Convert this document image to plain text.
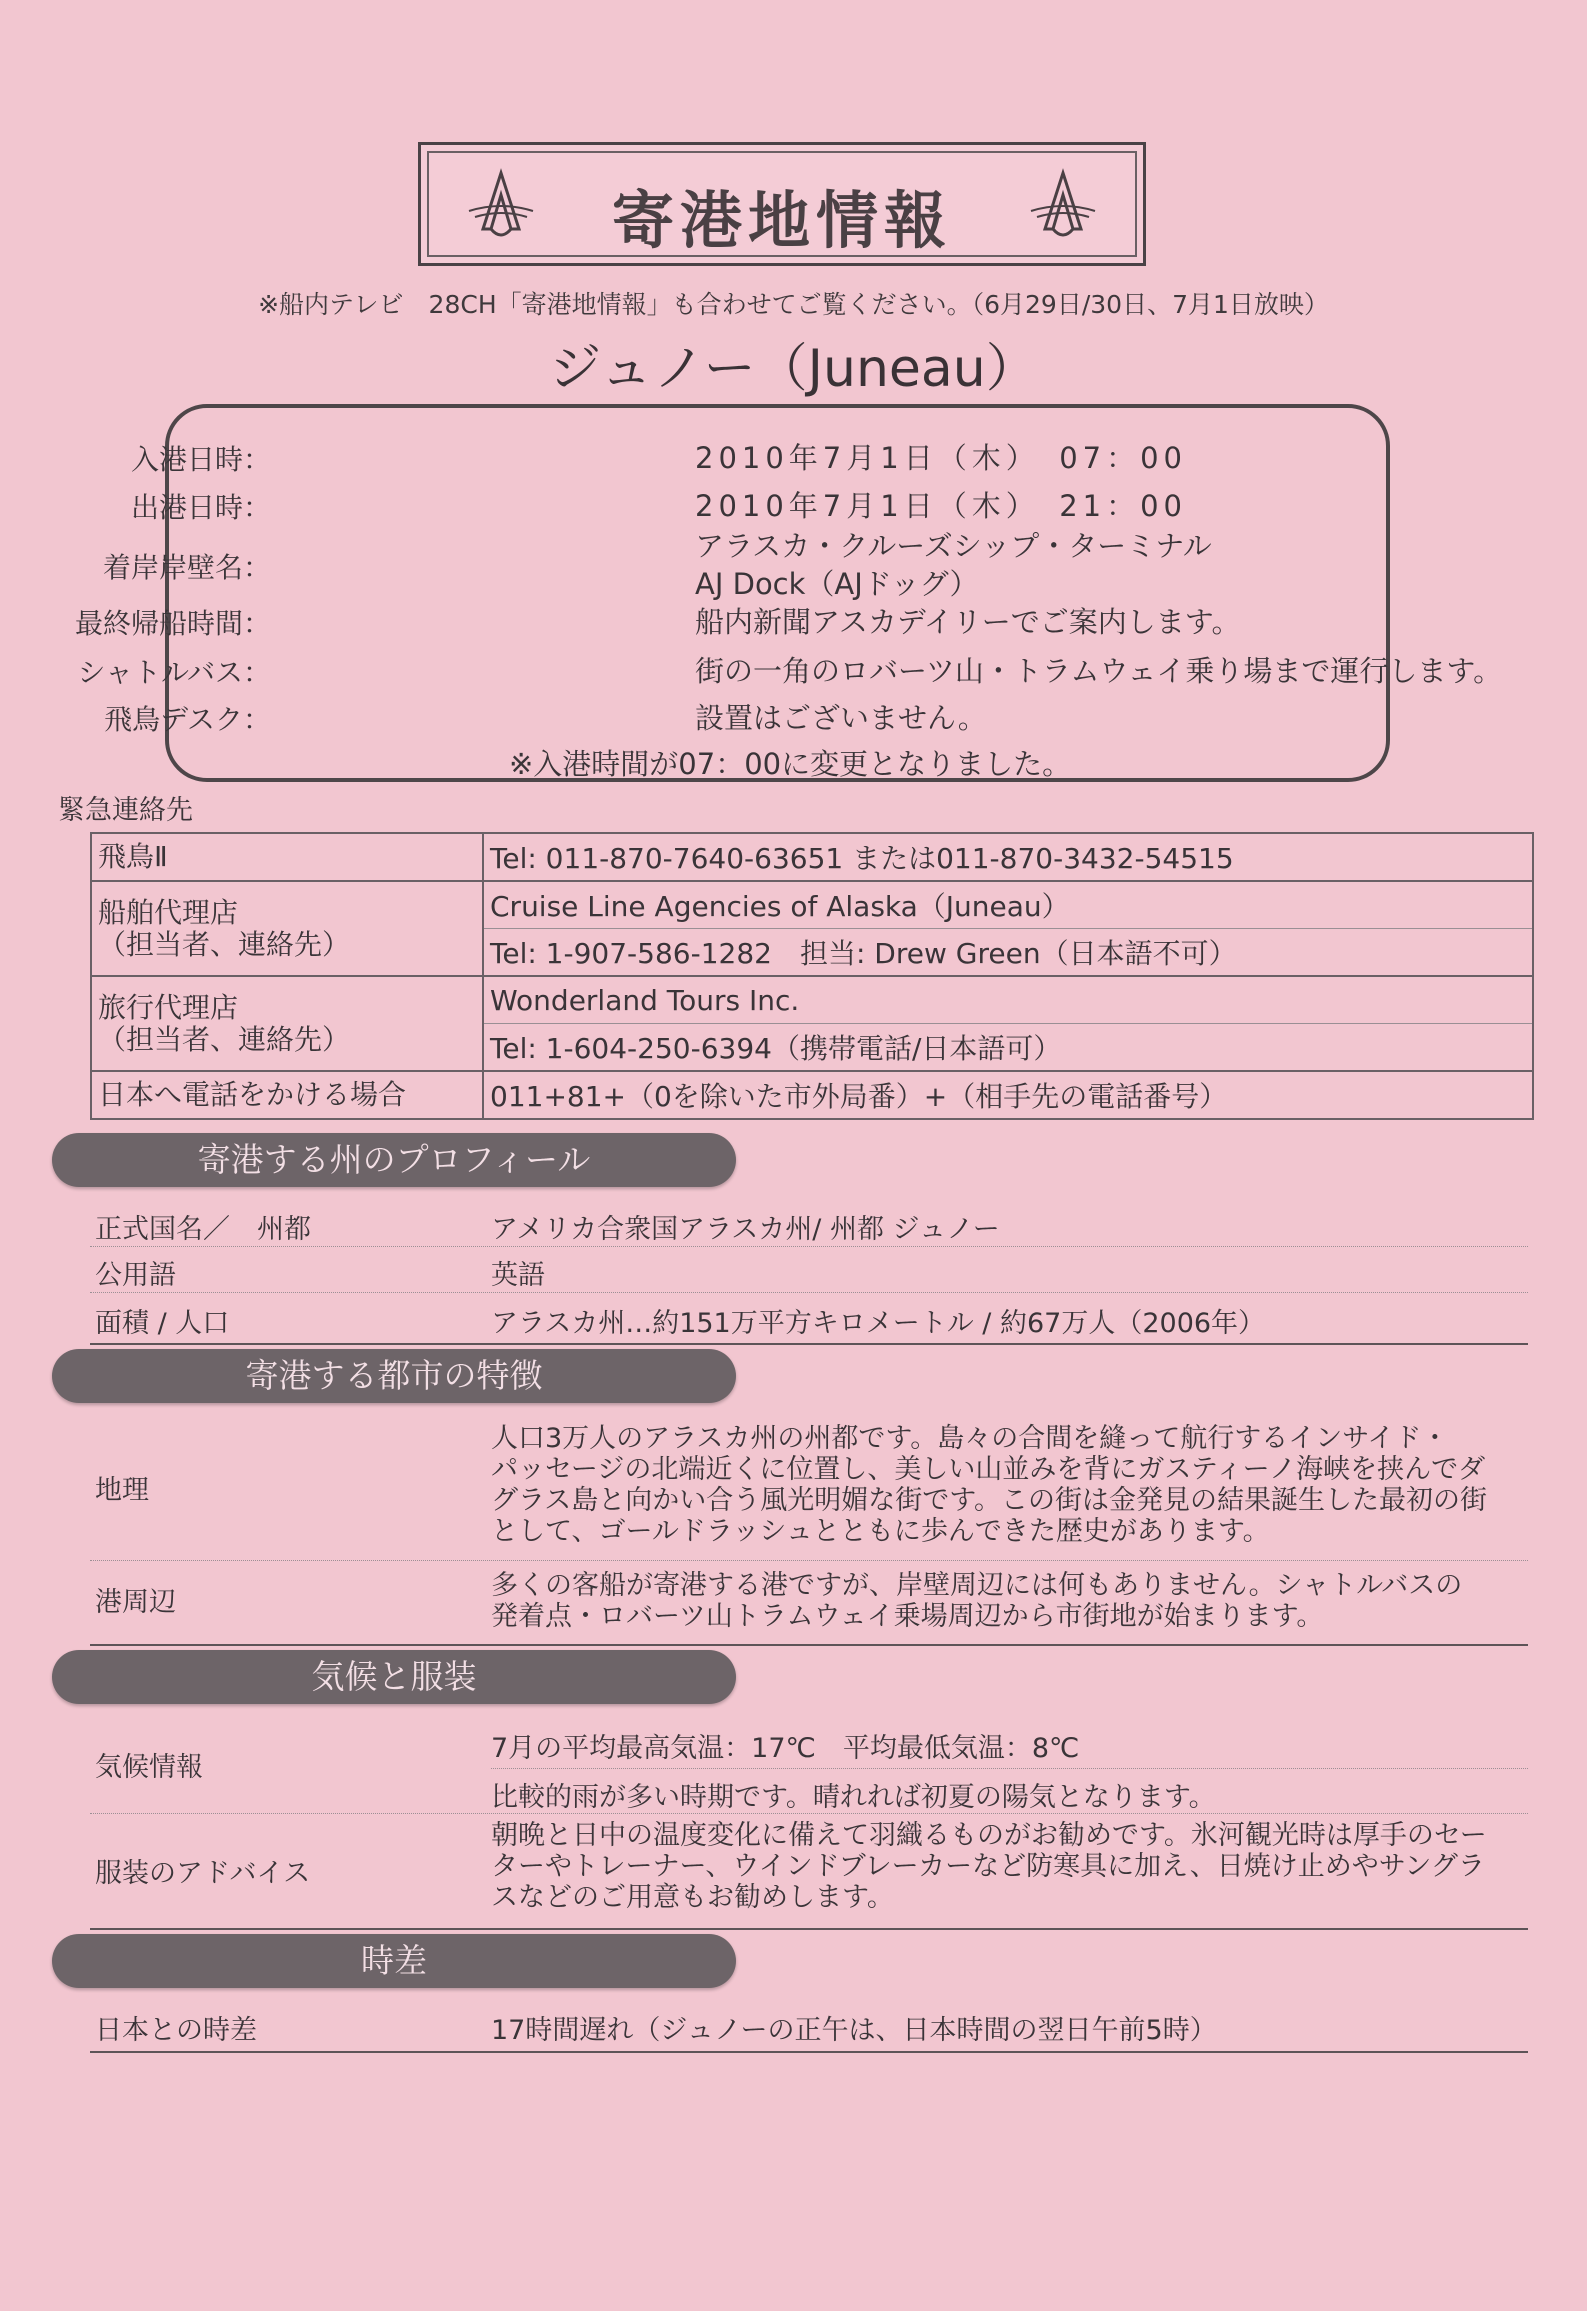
寄港地情報
※船内テレビ　28CH「寄港地情報」も合わせてご覧ください。（6月29日/30日、7月1日放映）
ジュノー（Juneau）
入港日時：	2010年7月1日（木）　07：00
出港日時：	2010年7月1日（木）　21：00
着岸岸壁名：
アラスカ・クルーズシップ・ターミナル
AJ Dock（AJドッグ）
最終帰船時間：	船内新聞アスカデイリーでご案内します。
シャトルバス：	街の一角のロバーツ山・トラムウェイ乗り場まで運行します。
飛鳥デスク：	設置はございません。
※入港時間が07：00に変更となりました。
緊急連絡先
飛鳥Ⅱ	Tel: 011-870-7640-63651 または011-870-3432-54515

船舶代理店
（担当者、連絡先）	Cruise Line Agencies of Alaska（Juneau）
	Tel: 1-907-586-1282　担当: Drew Green（日本語不可）

旅行代理店
（担当者、連絡先）	Wonderland Tours Inc.
	Tel: 1-604-250-6394（携帯電話/日本語可）
日本へ電話をかける場合	011+81+（0を除いた市外局番）+（相手先の電話番号）
寄港する州のプロフィール
正式国名／　州都	アメリカ合衆国アラスカ州/ 州都 ジュノー
公用語	英語
面積 / 人口	アラスカ州…約151万平方キロメートル / 約67万人（2006年）
寄港する都市の特徴
地理
人口3万人のアラスカ州の州都です。島々の合間を縫って航行するインサイド・
パッセージの北端近くに位置し、美しい山並みを背にガスティーノ海峡を挟んでダ
グラス島と向かい合う風光明媚な街です。この街は金発見の結果誕生した最初の街
として、ゴールドラッシュとともに歩んできた歴史があります。
港周辺
多くの客船が寄港する港ですが、岸壁周辺には何もありません。シャトルバスの
発着点・ロバーツ山トラムウェイ乗場周辺から市街地が始まります。
気候と服装
気候情報
7月の平均最高気温：17℃　平均最低気温：8℃
比較的雨が多い時期です。晴れれば初夏の陽気となります。
服装のアドバイス
朝晩と日中の温度変化に備えて羽織るものがお勧めです。氷河観光時は厚手のセー
ターやトレーナー、ウインドブレーカーなど防寒具に加え、日焼け止めやサングラ
スなどのご用意もお勧めします。
時差
日本との時差	17時間遅れ（ジュノーの正午は、日本時間の翌日午前5時）
